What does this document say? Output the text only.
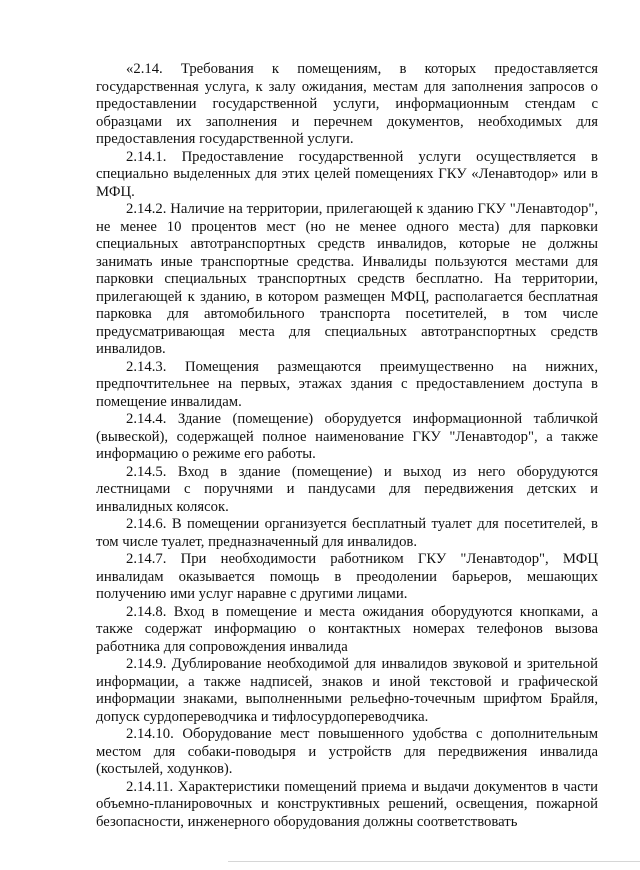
«2.14. Требования к помещениям, в которых предоставляется государственная услуга, к залу ожидания, местам для заполнения запросов о предоставлении государственной услуги, информационным стендам с образцами их заполнения и перечнем документов, необходимых для предоставления государственной услуги.

2.14.1. Предоставление государственной услуги осуществляется в специально выделенных для этих целей помещениях ГКУ «Ленавтодор» или в МФЦ.

2.14.2. Наличие на территории, прилегающей к зданию ГКУ "Ленавтодор", не менее 10 процентов мест (но не менее одного места) для парковки специальных автотранспортных средств инвалидов, которые не должны занимать иные транспортные средства. Инвалиды пользуются местами для парковки специальных транспортных средств бесплатно. На территории, прилегающей к зданию, в котором размещен МФЦ, располагается бесплатная парковка для автомобильного транспорта посетителей, в том числе предусматривающая места для специальных автотранспортных средств инвалидов.

2.14.3. Помещения размещаются преимущественно на нижних, предпочтительнее на первых, этажах здания с предоставлением доступа в помещение инвалидам.

2.14.4. Здание (помещение) оборудуется информационной табличкой (вывеской), содержащей полное наименование ГКУ "Ленавтодор", а также информацию о режиме его работы.

2.14.5. Вход в здание (помещение) и выход из него оборудуются лестницами с поручнями и пандусами для передвижения детских и инвалидных колясок.

2.14.6. В помещении организуется бесплатный туалет для посетителей, в том числе туалет, предназначенный для инвалидов.

2.14.7. При необходимости работником ГКУ "Ленавтодор", МФЦ инвалидам оказывается помощь в преодолении барьеров, мешающих получению ими услуг наравне с другими лицами.

2.14.8. Вход в помещение и места ожидания оборудуются кнопками, а также содержат информацию о контактных номерах телефонов вызова работника для сопровождения инвалида

2.14.9. Дублирование необходимой для инвалидов звуковой и зрительной информации, а также надписей, знаков и иной текстовой и графической информации знаками, выполненными рельефно-точечным шрифтом Брайля, допуск сурдопереводчика и тифлосурдопереводчика.

2.14.10. Оборудование мест повышенного удобства с дополнительным местом для собаки-поводыря и устройств для передвижения инвалида (костылей, ходунков).

2.14.11. Характеристики помещений приема и выдачи документов в части объемно-планировочных и конструктивных решений, освещения, пожарной безопасности, инженерного оборудования должны соответствовать
